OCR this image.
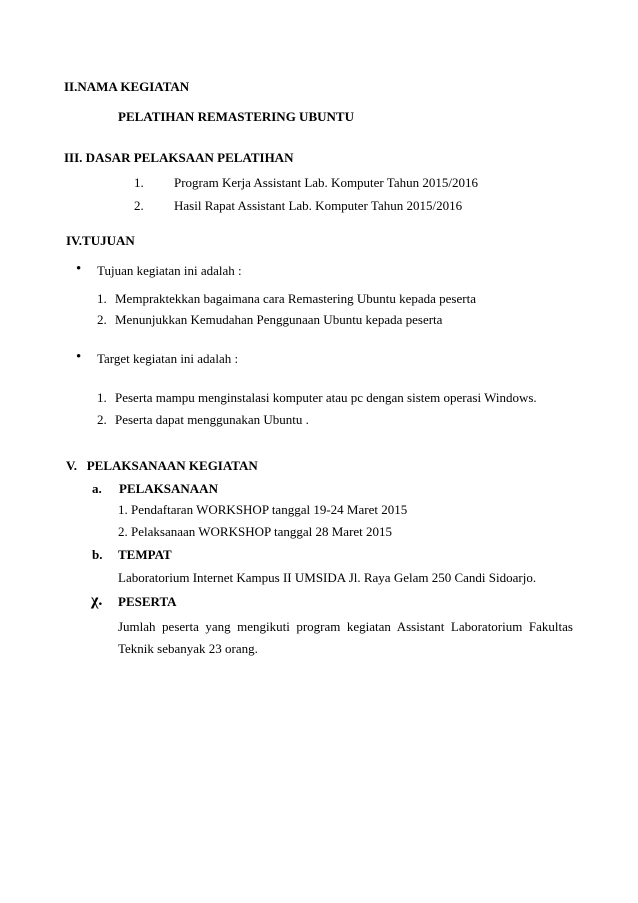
II.NAMA KEGIATAN
PELATIHAN REMASTERING UBUNTU
III. DASAR PELAKSAAN PELATIHAN
1. Program Kerja Assistant Lab. Komputer Tahun 2015/2016
2. Hasil Rapat Assistant Lab. Komputer Tahun 2015/2016
IV.TUJUAN
• Tujuan kegiatan ini adalah :
1. Mempraktekkan bagaimana cara Remastering Ubuntu kepada peserta
2. Menunjukkan Kemudahan Penggunaan Ubuntu kepada peserta
• Target kegiatan ini adalah :
1. Peserta mampu menginstalasi komputer atau pc dengan sistem operasi Windows.
2. Peserta dapat menggunakan Ubuntu .
V.   PELAKSANAAN KEGIATAN
a. PELAKSANAAN
1. Pendaftaran WORKSHOP tanggal 19-24 Maret 2015
2. Pelaksanaan WORKSHOP tanggal 28 Maret 2015
b. TEMPAT
Laboratorium Internet Kampus II UMSIDA Jl. Raya Gelam 250 Candi Sidoarjo.
χ. PESERTA
Jumlah  peserta  yang  mengikuti  program  kegiatan  Assistant  Laboratorium  Fakultas
Teknik sebanyak 23 orang.
